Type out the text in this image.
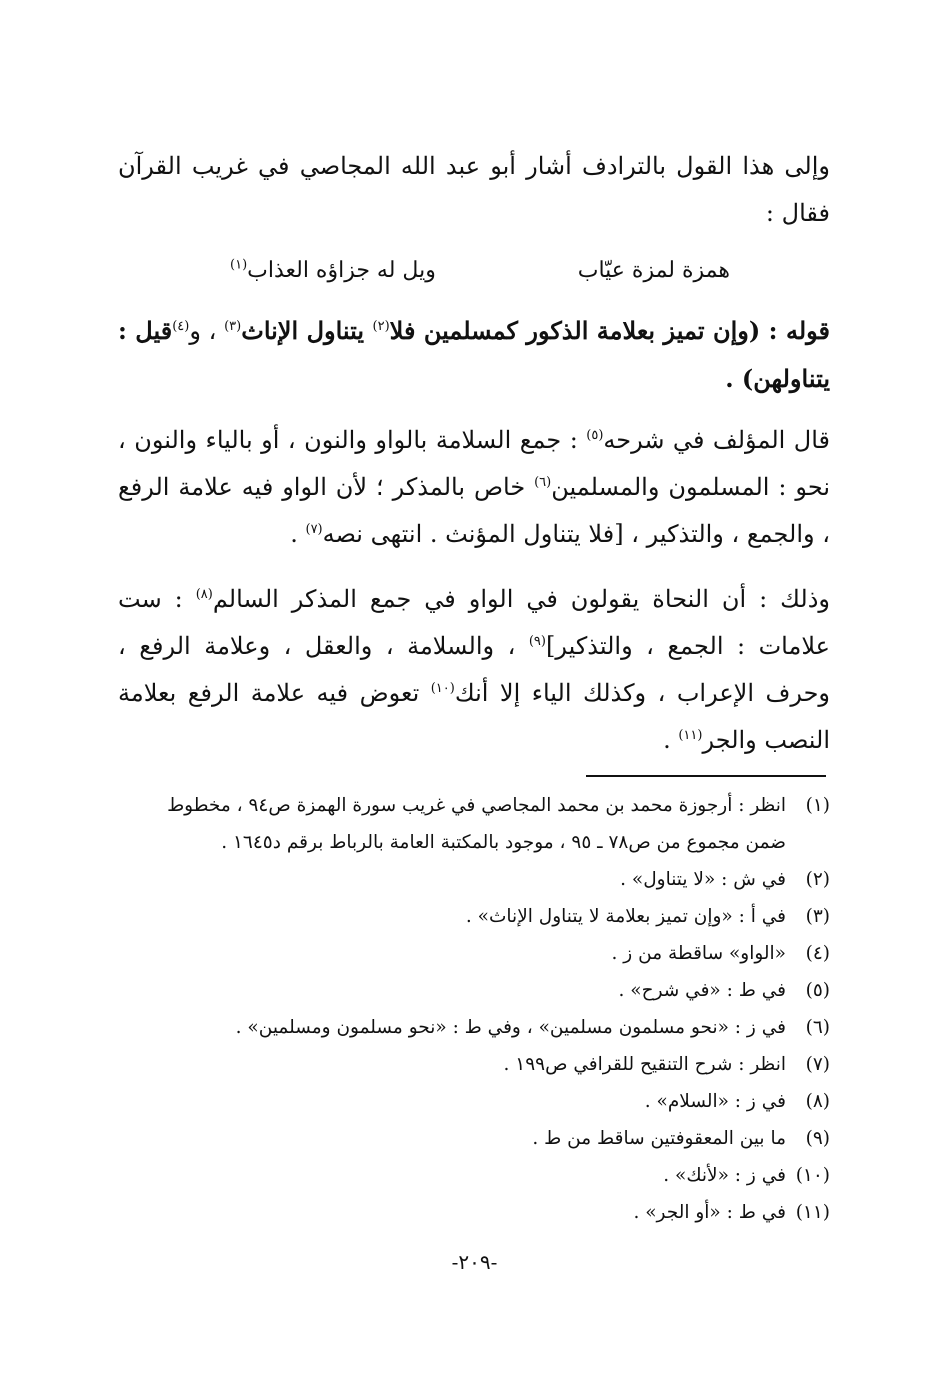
وإلى هذا القول بالترادف أشار أبو عبد الله المجاصي في غريب القرآن فقال :

همزة لمزة عيّاب
ويل له جزاؤه العذاب$^{(١)}$

قوله : (وإن تميز بعلامة الذكور كمسلمين فلا$^{(٢)}$ يتناول الإناث$^{(٣)}$ ، و$^{(٤)}$قيل : يتناولهن) .

قال المؤلف في شرحه$^{(٥)}$ : جمع السلامة بالواو والنون ، أو بالياء والنون ، نحو : المسلمون والمسلمين$^{(٦)}$ خاص بالمذكر ؛ لأن الواو فيه علامة الرفع ، والجمع ، والتذكير ، [فلا يتناول المؤنث . انتهى نصه$^{(٧)}$ .

وذلك : أن النحاة يقولون في الواو في جمع المذكر السالم$^{(٨)}$ : ست علامات : الجمع ، والتذكير]$^{(٩)}$ ، والسلامة ، والعقل ، وعلامة الرفع ، وحرف الإعراب ، وكذلك الياء إلا أنك$^{(١٠)}$ تعوض فيه علامة الرفع بعلامة النصب والجر$^{(١١)}$ .

(١)انظر : أرجوزة محمد بن محمد المجاصي في غريب سورة الهمزة ص٩٤ ، مخطوط

ضمن مجموع من ص٧٨ ـ ٩٥ ، موجود بالمكتبة العامة بالرباط برقم د١٦٤٥ .

(٢)في ش : «لا يتناول» .

(٣)في أ : «وإن تميز بعلامة لا يتناول الإناث» .

(٤)«الواو» ساقطة من ز .

(٥)في ط : «في شرح» .

(٦)في ز : «نحو مسلمون مسلمين» ، وفي ط : «نحو مسلمون ومسلمين» .

(٧)انظر : شرح التنقيح للقرافي ص١٩٩ .

(٨)في ز : «السلام» .

(٩)ما بين المعقوفتين ساقط من ط .

(١٠)في ز : «لأنك» .

(١١)في ط : «أو الجر» .

-٢٠٩-
